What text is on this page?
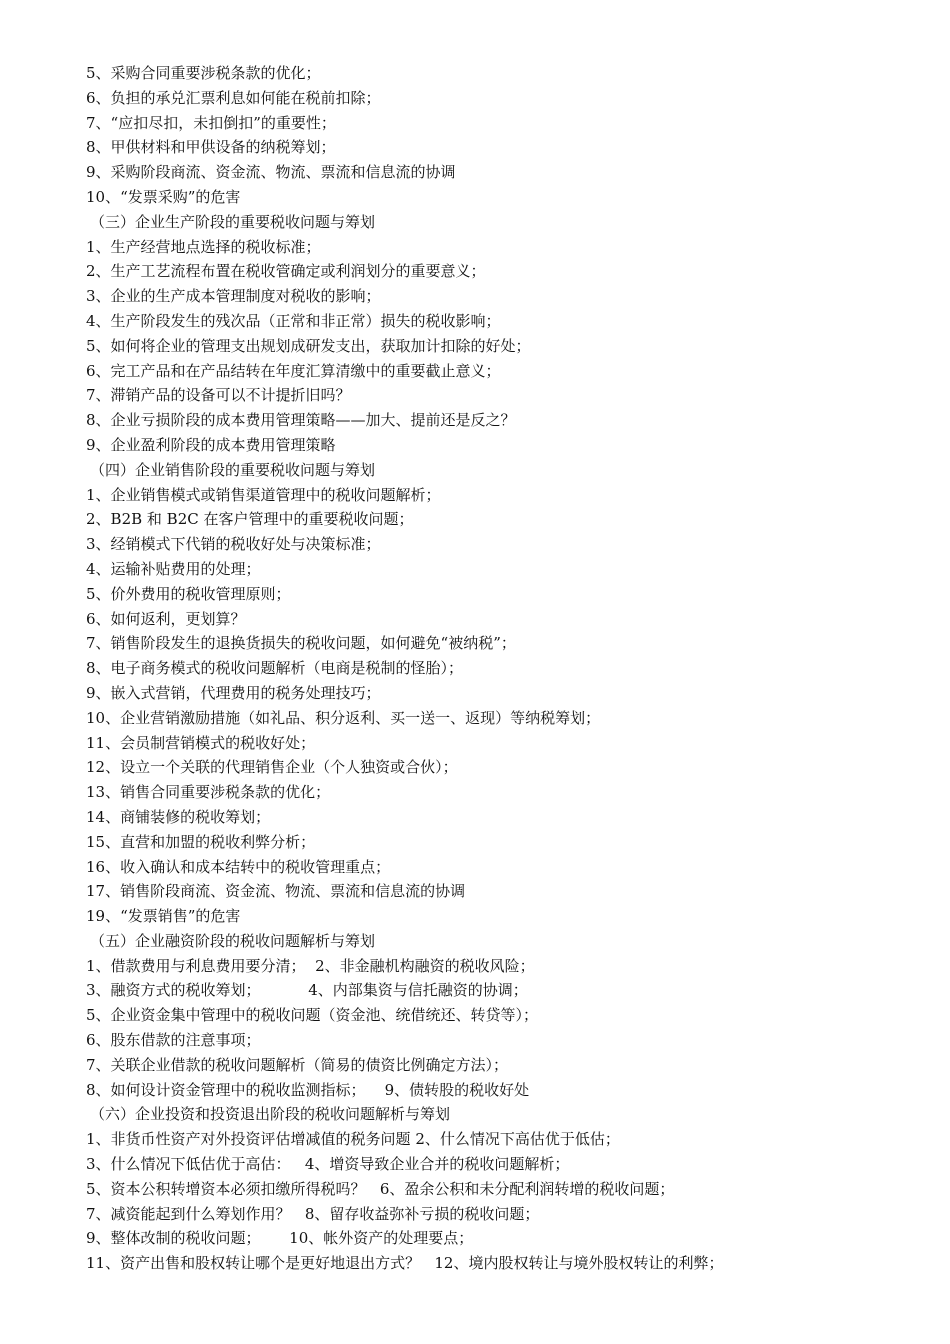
5、采购合同重要涉税条款的优化；
6、负担的承兑汇票利息如何能在税前扣除；
7、“应扣尽扣，未扣倒扣”的重要性；
8、甲供材料和甲供设备的纳税筹划；
9、采购阶段商流、资金流、物流、票流和信息流的协调
10、“发票采购”的危害
（三）企业生产阶段的重要税收问题与筹划
1、生产经营地点选择的税收标准；
2、生产工艺流程布置在税收管确定或利润划分的重要意义；
3、企业的生产成本管理制度对税收的影响；
4、生产阶段发生的残次品（正常和非正常）损失的税收影响；
5、如何将企业的管理支出规划成研发支出，获取加计扣除的好处；
6、完工产品和在产品结转在年度汇算清缴中的重要截止意义；
7、滞销产品的设备可以不计提折旧吗？
8、企业亏损阶段的成本费用管理策略——加大、提前还是反之？
9、企业盈利阶段的成本费用管理策略
（四）企业销售阶段的重要税收问题与筹划
1、企业销售模式或销售渠道管理中的税收问题解析；
2、B2B 和 B2C 在客户管理中的重要税收问题；
3、经销模式下代销的税收好处与决策标准；
4、运输补贴费用的处理；
5、价外费用的税收管理原则；
6、如何返利，更划算？
7、销售阶段发生的退换货损失的税收问题，如何避免“被纳税”；
8、电子商务模式的税收问题解析（电商是税制的怪胎）；
9、嵌入式营销，代理费用的税务处理技巧；
10、企业营销激励措施（如礼品、积分返利、买一送一、返现）等纳税筹划；
11、会员制营销模式的税收好处；
12、设立一个关联的代理销售企业（个人独资或合伙）；
13、销售合同重要涉税条款的优化；
14、商铺装修的税收筹划；
15、直营和加盟的税收利弊分析；
16、收入确认和成本结转中的税收管理重点；
17、销售阶段商流、资金流、物流、票流和信息流的协调
19、“发票销售”的危害
（五）企业融资阶段的税收问题解析与筹划
1、借款费用与利息费用要分清；  2、非金融机构融资的税收风险；
3、融资方式的税收筹划；          4、内部集资与信托融资的协调；
5、企业资金集中管理中的税收问题（资金池、统借统还、转贷等）；
6、股东借款的注意事项；
7、关联企业借款的税收问题解析（简易的债资比例确定方法）；
8、如何设计资金管理中的税收监测指标；    9、债转股的税收好处
（六）企业投资和投资退出阶段的税收问题解析与筹划
1、非货币性资产对外投资评估增减值的税务问题 2、什么情况下高估优于低估；
3、什么情况下低估优于高估：   4、增资导致企业合并的税收问题解析；
5、资本公积转增资本必须扣缴所得税吗？   6、盈余公积和未分配利润转增的税收问题；
7、减资能起到什么筹划作用？   8、留存收益弥补亏损的税收问题；
9、整体改制的税收问题；      10、帐外资产的处理要点；
11、资产出售和股权转让哪个是更好地退出方式？   12、境内股权转让与境外股权转让的利弊；
